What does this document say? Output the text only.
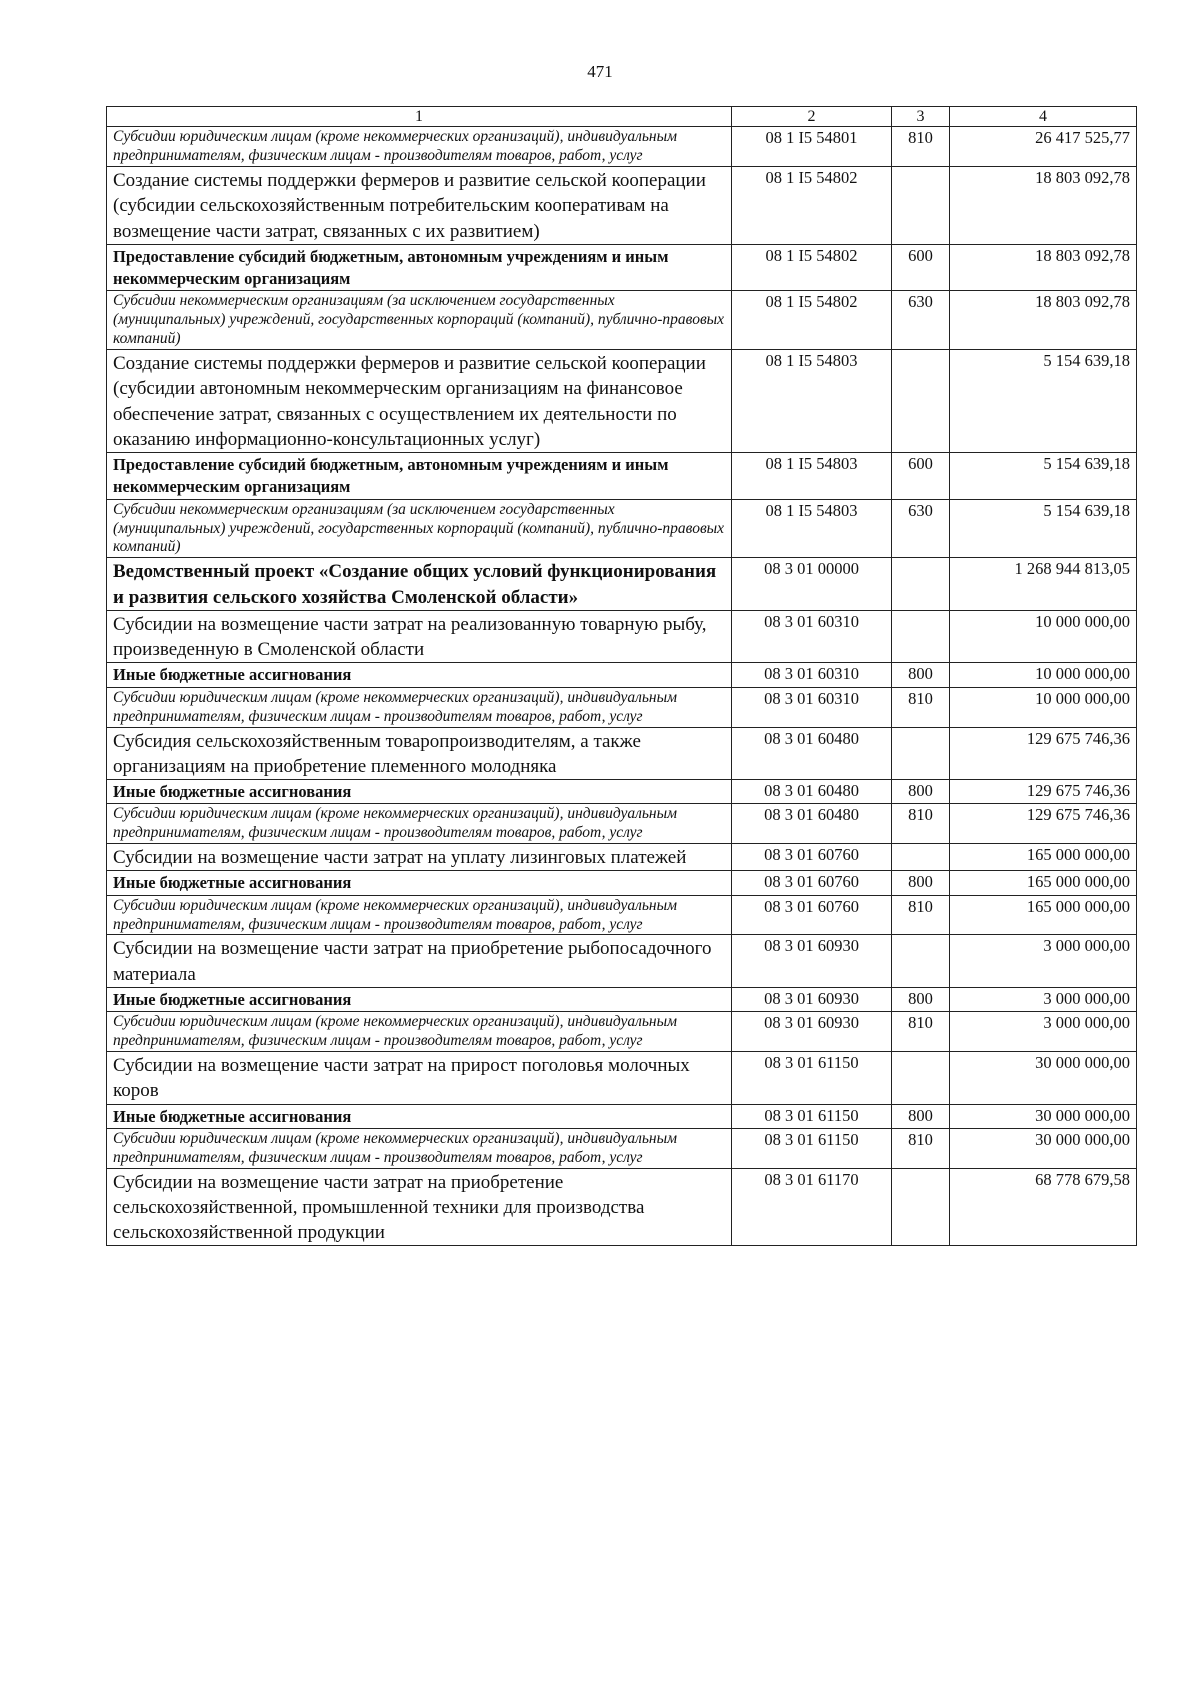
471
1	2	3	4
Субсидии юридическим лицам (кроме некоммерческих организаций), индивидуальным предпринимателям, физическим лицам - производителям товаров, работ, услуг	08 1 I5 54801	810	26 417 525,77
Создание системы поддержки фермеров и развитие сельской кооперации (субсидии сельскохозяйственным потребительским кооперативам на возмещение части затрат, связанных с их развитием)	08 1 I5 54802		18 803 092,78
Предоставление субсидий бюджетным, автономным учреждениям и иным некоммерческим организациям	08 1 I5 54802	600	18 803 092,78
Субсидии некоммерческим организациям (за исключением государственных (муниципальных) учреждений, государственных корпораций (компаний), публично-правовых компаний)	08 1 I5 54802	630	18 803 092,78
Создание системы поддержки фермеров и развитие сельской кооперации (субсидии автономным некоммерческим организациям на финансовое обеспечение затрат, связанных с осуществлением их деятельности по оказанию информационно-консультационных услуг)	08 1 I5 54803		5 154 639,18
Предоставление субсидий бюджетным, автономным учреждениям и иным некоммерческим организациям	08 1 I5 54803	600	5 154 639,18
Субсидии некоммерческим организациям (за исключением государственных (муниципальных) учреждений, государственных корпораций (компаний), публично-правовых компаний)	08 1 I5 54803	630	5 154 639,18
Ведомственный проект «Создание общих условий функционирования и развития сельского хозяйства Смоленской области»	08 3 01 00000		1 268 944 813,05
Субсидии на возмещение части затрат на реализованную товарную рыбу, произведенную в Смоленской области	08 3 01 60310		10 000 000,00
Иные бюджетные ассигнования	08 3 01 60310	800	10 000 000,00
Субсидии юридическим лицам (кроме некоммерческих организаций), индивидуальным предпринимателям, физическим лицам - производителям товаров, работ, услуг	08 3 01 60310	810	10 000 000,00
Субсидия сельскохозяйственным товаропроизводителям, а также организациям на приобретение племенного молодняка	08 3 01 60480		129 675 746,36
Иные бюджетные ассигнования	08 3 01 60480	800	129 675 746,36
Субсидии юридическим лицам (кроме некоммерческих организаций), индивидуальным предпринимателям, физическим лицам - производителям товаров, работ, услуг	08 3 01 60480	810	129 675 746,36
Субсидии на возмещение части затрат на уплату лизинговых платежей	08 3 01 60760		165 000 000,00
Иные бюджетные ассигнования	08 3 01 60760	800	165 000 000,00
Субсидии юридическим лицам (кроме некоммерческих организаций), индивидуальным предпринимателям, физическим лицам - производителям товаров, работ, услуг	08 3 01 60760	810	165 000 000,00
Субсидии на возмещение части затрат на приобретение рыбопосадочного материала	08 3 01 60930		3 000 000,00
Иные бюджетные ассигнования	08 3 01 60930	800	3 000 000,00
Субсидии юридическим лицам (кроме некоммерческих организаций), индивидуальным предпринимателям, физическим лицам - производителям товаров, работ, услуг	08 3 01 60930	810	3 000 000,00
Субсидии на возмещение части затрат на прирост поголовья молочных коров	08 3 01 61150		30 000 000,00
Иные бюджетные ассигнования	08 3 01 61150	800	30 000 000,00
Субсидии юридическим лицам (кроме некоммерческих организаций), индивидуальным предпринимателям, физическим лицам - производителям товаров, работ, услуг	08 3 01 61150	810	30 000 000,00
Субсидии на возмещение части затрат на приобретение сельскохозяйственной, промышленной техники для производства сельскохозяйственной продукции	08 3 01 61170		68 778 679,58
